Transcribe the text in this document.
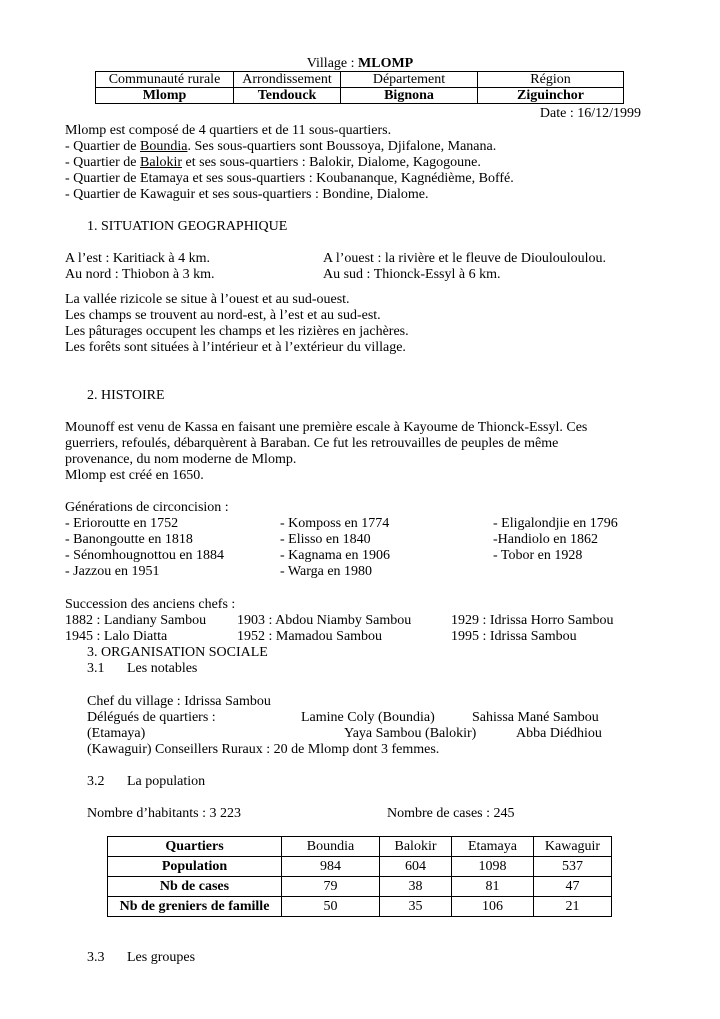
Village : MLOMP
Communauté rurale	Arrondissement	Département	Région
Mlomp	Tendouck	Bignona	Ziguinchor
Date : 16/12/1999
Mlomp est composé de 4 quartiers et de 11 sous-quartiers.
- Quartier de Boundia. Ses sous-quartiers sont Boussoya, Djifalone, Manana.
- Quartier de Balokir et ses sous-quartiers : Balokir, Dialome, Kagogoune.
- Quartier de Etamaya et ses sous-quartiers : Koubananque, Kagnédième, Boffé.
- Quartier de Kawaguir et ses sous-quartiers : Bondine, Dialome.
1. SITUATION GEOGRAPHIQUE
A l’est : Karitiack à 4 km.	A l’ouest : la rivière et le fleuve de Dioulouloulou.
Au nord : Thiobon à 3 km.	Au sud : Thionck-Essyl à 6 km.
La vallée rizicole se situe à l’ouest et au sud-ouest.
Les champs se trouvent au nord-est, à l’est et au sud-est.
Les pâturages occupent les champs et les rizières en jachères.
Les forêts sont situées à l’intérieur et à l’extérieur du village.
2. HISTOIRE
Mounoff est venu de Kassa en faisant une première escale à Kayoume de Thionck-Essyl. Ces
guerriers, refoulés, débarquèrent à Baraban. Ce fut les retrouvailles de peuples de même
provenance, du nom moderne de Mlomp.
Mlomp est créé en 1650.
Générations de circoncision :
- Erioroutte en 1752	- Komposs en 1774	- Eligalondjie en 1796
- Banongoutte en 1818	- Elisso en 1840	-Handiolo en 1862
- Sénomhougnottou en 1884	- Kagnama en 1906	- Tobor en 1928
- Jazzou en 1951	- Warga en 1980
Succession des anciens chefs :
1882 : Landiany Sambou 1903 : Abdou Niamby Sambou	1929 : Idrissa Horro Sambou
1945 : Lalo Diatta	1952 : Mamadou Sambou	1995 : Idrissa Sambou
3. ORGANISATION SOCIALE
3.1 Les notables
Chef du village : Idrissa Sambou
Délégués de quartiers :	Lamine Coly (Boundia)	Sahissa Mané Sambou
(Etamaya)	Yaya Sambou (Balokir)	Abba Diédhiou
(Kawaguir) Conseillers Ruraux : 20 de Mlomp dont 3 femmes.
3.2 La population
Nombre d’habitants : 3 223	Nombre de cases : 245
Quartiers	Boundia	Balokir	Etamaya	Kawaguir
Population	984	604	1098	537
Nb de cases	79	38	81	47
Nb de greniers de famille	50	35	106	21
3.3 Les groupes
